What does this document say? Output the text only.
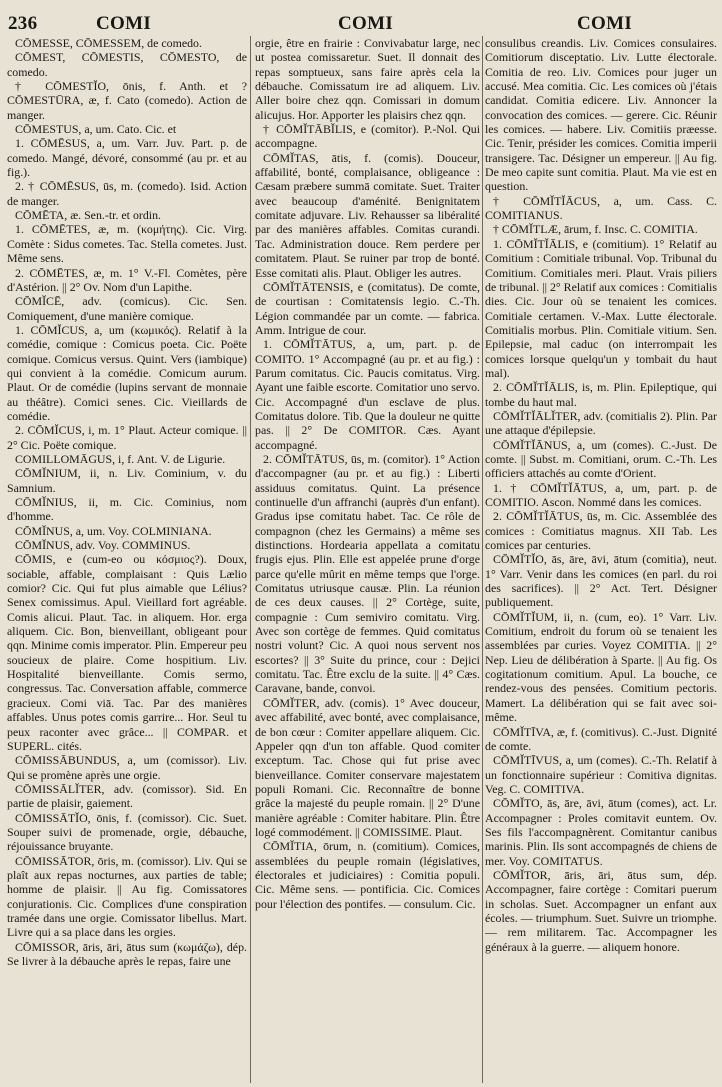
236	COMI	COMI	COMI

CŌMESSE, CŌMESSEM, de comedo.

CŌMEST, CŌMESTIS, CŌMESTO, de comedo.

† CŌMESTĬO, ōnis, f. Anth. et ? CŌMESTŪRA, æ, f. Cato (comedo). Action de manger.

CŌMESTUS, a, um. Cato. Cic. et

1. CŌMĒSUS, a, um. Varr. Juv. Part. p. de comedo. Mangé, dévoré, consommé (au pr. et au fig.).

2. † CŌMĒSUS, ūs, m. (comedo). Isid. Action de manger.

CŌMĒTA, æ. Sen.-tr. et ordin.

1. CŌMĒTES, æ, m. (κομήτης). Cic. Virg. Comète : Sidus cometes. Tac. Stella cometes. Just. Même sens.

2. CŌMĒTES, æ, m. 1° V.-Fl. Comètes, père d'Astérion. || 2° Ov. Nom d'un Lapithe.

CŌMĬCĒ, adv. (comicus). Cic. Sen. Comiquement, d'une manière comique.

1. CŌMĬCUS, a, um (κωμικός). Relatif à la comédie, comique : Comicus poeta. Cic. Poëte comique. Comicus versus. Quint. Vers (iambique) qui convient à la comédie. Comicum aurum. Plaut. Or de comédie (lupins servant de monnaie au théâtre). Comici senes. Cic. Vieillards de comédie.

2. CŌMĬCUS, i, m. 1° Plaut. Acteur comique. || 2° Cic. Poëte comique.

COMILLOMĀGUS, i, f. Ant. V. de Ligurie.

CŌMĬNIUM, ii, n. Liv. Cominium, v. du Samnium.

CŌMĬNIUS, ii, m. Cic. Cominius, nom d'homme.

CŌMĬNUS, a, um. Voy. COLMINIANA.

CŌMĬNUS, adv. Voy. COMMINUS.

CŌMIS, e (cum-eo ou κόσμιος?). Doux, sociable, affable, complaisant : Quis Lælio comior? Cic. Qui fut plus aimable que Lélius? Senex comissimus. Apul. Vieillard fort agréable. Comis alicui. Plaut. Tac. in aliquem. Hor. erga aliquem. Cic. Bon, bienveillant, obligeant pour qqn. Minime comis imperator. Plin. Empereur peu soucieux de plaire. Come hospitium. Liv. Hospitalité bienveillante. Comis sermo, congressus. Tac. Conversation affable, commerce gracieux. Comi viā. Tac. Par des manières affables. Unus potes comis garrire... Hor. Seul tu peux raconter avec grâce... || COMPAR. et SUPERL. cités.

CŌMISSĀBUNDUS, a, um (comissor). Liv. Qui se promène après une orgie.

CŌMISSĀLĬTER, adv. (comissor). Sid. En partie de plaisir, gaiement.

CŌMISSĀTĬO, ōnis, f. (comissor). Cic. Suet. Souper suivi de promenade, orgie, débauche, réjouissance bruyante.

CŌMISSĀTOR, ōris, m. (comissor). Liv. Qui se plaît aux repas nocturnes, aux parties de table; homme de plaisir. || Au fig. Comissatores conjurationis. Cic. Complices d'une conspiration tramée dans une orgie. Comissator libellus. Mart. Livre qui a sa place dans les orgies.

CŌMISSOR, āris, āri, ātus sum (κωμάζω), dép. Se livrer à la débauche après le repas, faire une

orgie, être en frairie : Convivabatur large, nec ut postea comissaretur. Suet. Il donnait des repas somptueux, sans faire après cela la débauche. Comissatum ire ad aliquem. Liv. Aller boire chez qqn. Comissari in domum alicujus. Hor. Apporter les plaisirs chez qqn.

† CŌMĬTĀBĬLIS, e (comitor). P.-Nol. Qui accompagne.

CŌMĬTAS, ātis, f. (comis). Douceur, affabilité, bonté, complaisance, obligeance : Cæsam præbere summā comitate. Suet. Traiter avec beaucoup d'aménité. Benignitatem comitate adjuvare. Liv. Rehausser sa libéralité par des manières affables. Comitas curandi. Tac. Administration douce. Rem perdere per comitatem. Plaut. Se ruiner par trop de bonté. Esse comitati alis. Plaut. Obliger les autres.

CŌMĬTĀTENSIS, e (comitatus). De comte, de courtisan : Comitatensis legio. C.-Th. Légion commandée par un comte. — fabrica. Amm. Intrigue de cour.

1. CŌMĬTĀTUS, a, um, part. p. de COMITO. 1° Accompagné (au pr. et au fig.) : Parum comitatus. Cic. Paucis comitatus. Virg. Ayant une faible escorte. Comitatior uno servo. Cic. Accompagné d'un esclave de plus. Comitatus dolore. Tib. Que la douleur ne quitte pas. || 2° De COMITOR. Cæs. Ayant accompagné.

2. CŌMĬTĀTUS, ūs, m. (comitor). 1° Action d'accompagner (au pr. et au fig.) : Liberti assiduus comitatus. Quint. La présence continuelle d'un affranchi (auprès d'un enfant). Gradus ipse comitatu habet. Tac. Ce rôle de compagnon (chez les Germains) a même ses distinctions. Hordearia appellata a comitatu frugis ejus. Plin. Elle est appelée prune d'orge parce qu'elle mûrit en même temps que l'orge. Comitatus utriusque causæ. Plin. La réunion de ces deux causes. || 2° Cortège, suite, compagnie : Cum semiviro comitatu. Virg. Avec son cortège de femmes. Quid comitatus nostri volunt? Cic. A quoi nous servent nos escortes? || 3° Suite du prince, cour : Dejici comitatu. Tac. Être exclu de la suite. || 4° Cæs. Caravane, bande, convoi.

CŌMĬTER, adv. (comis). 1° Avec douceur, avec affabilité, avec bonté, avec complaisance, de bon cœur : Comiter appellare aliquem. Cic. Appeler qqn d'un ton affable. Quod comiter exceptum. Tac. Chose qui fut prise avec bienveillance. Comiter conservare majestatem populi Romani. Cic. Reconnaître de bonne grâce la majesté du peuple romain. || 2° D'une manière agréable : Comiter habitare. Plin. Être logé commodément. || COMISSIME. Plaut.

CŌMĬTIA, ōrum, n. (comitium). Comices, assemblées du peuple romain (législatives, électorales et judiciaires) : Comitia populi. Cic. Même sens. — pontificia. Cic. Comices pour l'élection des pontifes. — consulum. Cic.

consulibus creandis. Liv. Comices consulaires. Comitiorum disceptatio. Liv. Lutte électorale. Comitia de reo. Liv. Comices pour juger un accusé. Mea comitia. Cic. Les comices où j'étais candidat. Comitia edicere. Liv. Annoncer la convocation des comices. — gerere. Cic. Réunir les comices. — habere. Liv. Comitiis præesse. Cic. Tenir, présider les comices. Comitia imperii transigere. Tac. Désigner un empereur. || Au fig. De meo capite sunt comitia. Plaut. Ma vie est en question.

† CŌMĬTĬĀCUS, a, um. Cass. C. COMITIANUS.

† CŌMĬTLÆ, ārum, f. Insc. C. COMITIA.

1. CŌMĬTĬĀLIS, e (comitium). 1° Relatif au Comitium : Comitiale tribunal. Vop. Tribunal du Comitium. Comitiales meri. Plaut. Vrais piliers de tribunal. || 2° Relatif aux comices : Comitialis dies. Cic. Jour où se tenaient les comices. Comitiale certamen. V.-Max. Lutte électorale. Comitialis morbus. Plin. Comitiale vitium. Sen. Epilepsie, mal caduc (on interrompait les comices lorsque quelqu'un y tombait du haut mal).

2. CŌMĬTĬĀLIS, is, m. Plin. Epileptique, qui tombe du haut mal.

CŌMĬTĬĀLĬTER, adv. (comitialis 2). Plin. Par une attaque d'épilepsie.

CŌMĬTĬĀNUS, a, um (comes). C.-Just. De comte. || Subst. m. Comitiani, orum. C.-Th. Les officiers attachés au comte d'Orient.

1. † CŌMĬTĬĀTUS, a, um, part. p. de COMITIO. Ascon. Nommé dans les comices.

2. CŌMĬTĬĀTUS, ūs, m. Cic. Assemblée des comices : Comitiatus magnus. XII Tab. Les comices par centuries.

CŌMĬTĬO, ās, āre, āvi, ātum (comitia), neut. 1° Varr. Venir dans les comices (en parl. du roi des sacrifices). || 2° Act. Tert. Désigner publiquement.

CŌMĬTĬUM, ii, n. (cum, eo). 1° Varr. Liv. Comitium, endroit du forum où se tenaient les assemblées par curies. Voyez COMITIA. || 2° Nep. Lieu de délibération à Sparte. || Au fig. Os cogitationum comitium. Apul. La bouche, ce rendez-vous des pensées. Comitium pectoris. Mamert. La délibération qui se fait avec soi-même.

CŌMĬTĪVA, æ, f. (comitivus). C.-Just. Dignité de comte.

CŌMĬTĪVUS, a, um (comes). C.-Th. Relatif à un fonctionnaire supérieur : Comitiva dignitas. Veg. C. COMITIVA.

CŌMĬTO, ās, āre, āvi, ātum (comes), act. Lr. Accompagner : Proles comitavit euntem. Ov. Ses fils l'accompagnèrent. Comitantur canibus marinis. Plin. Ils sont accompagnés de chiens de mer. Voy. COMITATUS.

CŌMĬTOR, āris, āri, ātus sum, dép. Accompagner, faire cortège : Comitari puerum in scholas. Suet. Accompagner un enfant aux écoles. — triumphum. Suet. Suivre un triomphe. — rem militarem. Tac. Accompagner les généraux à la guerre. — aliquem honore.
